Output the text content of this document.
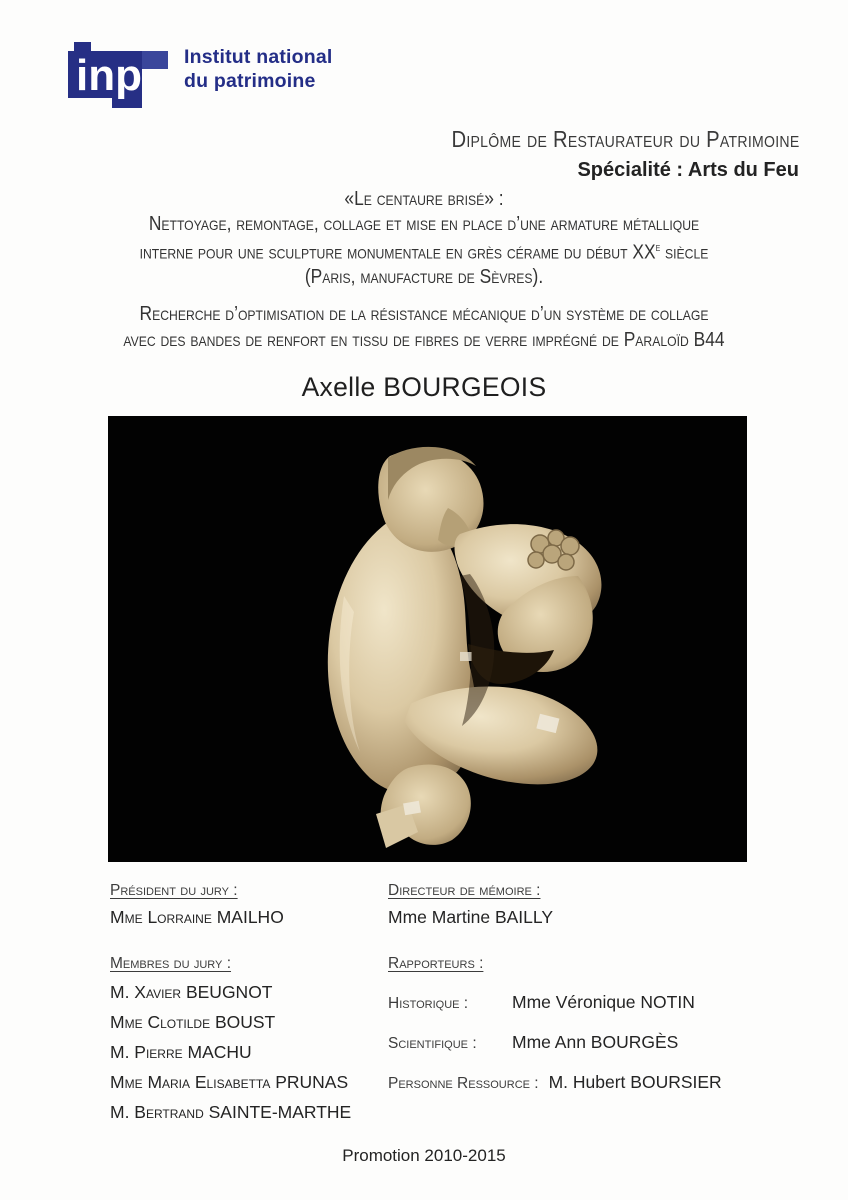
inp Institut national
du patrimoine
Diplôme de Restaurateur du Patrimoine
Spécialité : Arts du Feu
«Le centaure brisé» :
Nettoyage, remontage, collage et mise en place d’une armature métallique
interne pour une sculpture monumentale en grès cérame du début XXe siècle
(Paris, manufacture de Sèvres).
Recherche d’optimisation de la résistance mécanique d’un système de collage
avec des bandes de renfort en tissu de fibres de verre imprégné de Paraloïd B44
Axelle BOURGEOIS
Président du jury :
Mme Lorraine MAILHO
Membres du jury :
M. Xavier BEUGNOT
Mme Clotilde BOUST
M. Pierre MACHU
Mme Maria Elisabetta PRUNAS
M. Bertrand SAINTE-MARTHE
Directeur de mémoire :
Mme Martine BAILLY
Rapporteurs :
Historique :	Mme Véronique NOTIN
Scientifique :	Mme Ann BOURGÈS
Personne Ressource : M. Hubert BOURSIER
Promotion 2010-2015
